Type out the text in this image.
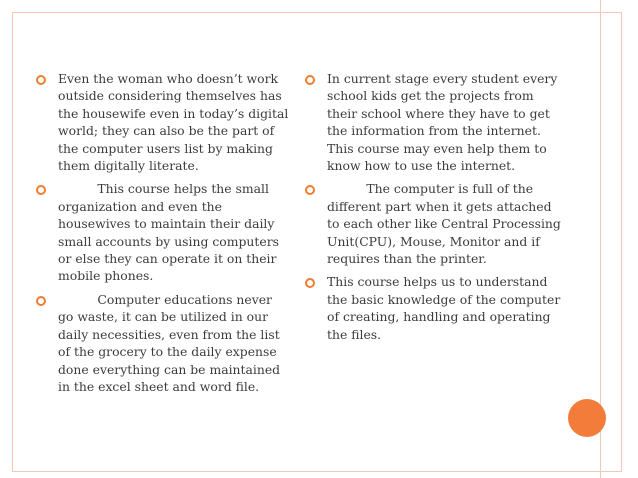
Even the woman who doesn’t work outside considering themselves has the housewife even in today’s digital world; they can also be the part of the computer users list by making them digitally literate.
This course helps the small organization and even the housewives to maintain their daily small accounts by using computers or else they can operate it on their mobile phones.
Computer educations never go waste, it can be utilized in our daily necessities, even from the list of the grocery to the daily expense done everything can be maintained in the excel sheet and word file.
In current stage every student every school kids get the projects from their school where they have to get the information from the internet. This course may even help them to know how to use the internet.
The computer is full of the different part when it gets attached to each other like Central Processing Unit(CPU), Mouse, Monitor and if requires than the printer.
This course helps us to understand the basic knowledge of the computer of creating, handling and operating the files.
